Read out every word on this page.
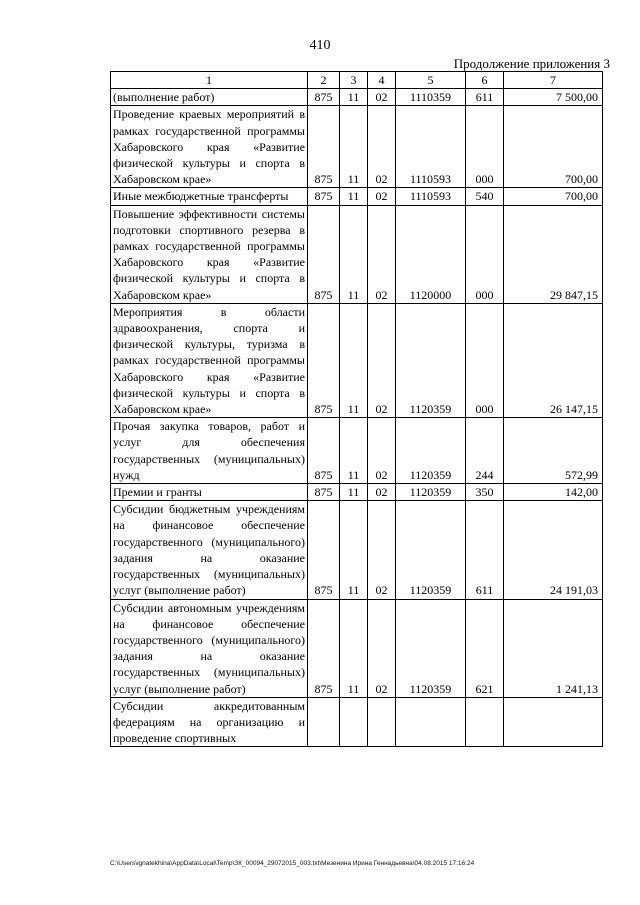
410
Продолжение приложения 3
1	2	3	4	5	6	7
(выполнение работ)	875	11	02	1110359	611	7 500,00
Проведение краевых мероприятий в рамках государственной программы Хабаровского края «Развитие физической культуры и спорта в Хабаровском крае»	875	11	02	1110593	000	700,00
Иные межбюджетные трансферты	875	11	02	1110593	540	700,00
Повышение эффективности системы подготовки спортивного резерва в рамках государственной программы Хабаровского края «Развитие физической культуры и спорта в Хабаровском крае»	875	11	02	1120000	000	29 847,15
Мероприятия в области здравоохранения, спорта и физической культуры, туризма в рамках государственной программы Хабаровского края «Развитие физической культуры и спорта в Хабаровском крае»	875	11	02	1120359	000	26 147,15
Прочая закупка товаров, работ и услуг для обеспечения государственных (муниципальных) нужд	875	11	02	1120359	244	572,99
Премии и гранты	875	11	02	1120359	350	142,00
Субсидии бюджетным учреждениям на финансовое обеспечение государственного (муниципального) задания на оказание государственных (муниципальных) услуг (выполнение работ)	875	11	02	1120359	611	24 191,03
Субсидии автономным учреждениям на финансовое обеспечение государственного (муниципального) задания на оказание государственных (муниципальных) услуг (выполнение работ)	875	11	02	1120359	621	1 241,13
Субсидии аккредитованным федерациям на организацию и проведение спортивных						
C:\Users\ignatekhina\AppData\Local\Temp\ЗК_00094_29072015_003.txt\Мезенина Ирина Геннадьевна\04.08.2015 17:16:24
